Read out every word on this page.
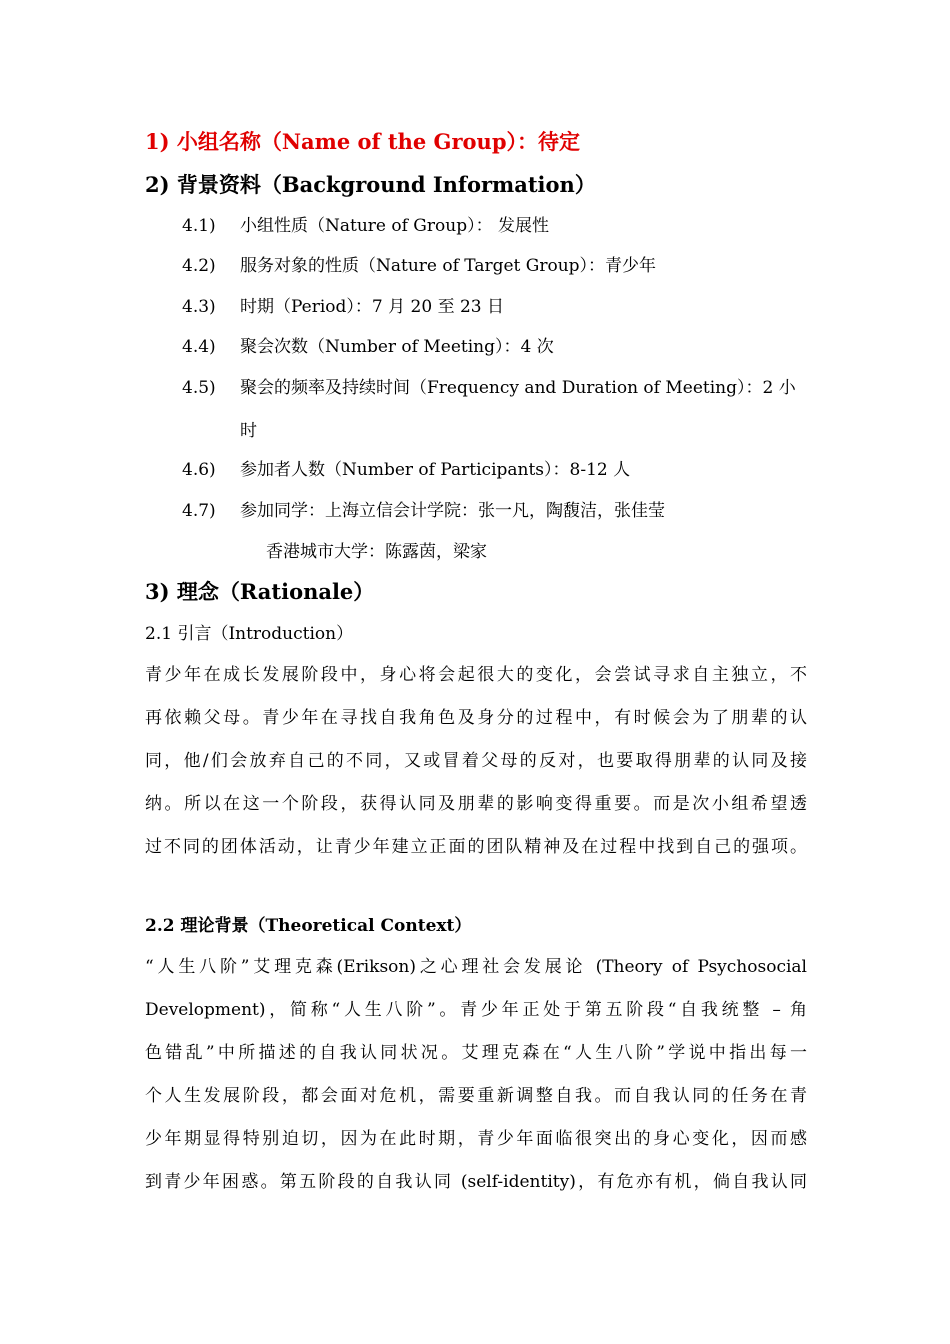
1) 小组名称（Name of the Group）：待定
2) 背景资料（Background Information）
4.1) 小组性质（Nature of Group）： 发展性
4.2) 服务对象的性质（Nature of Target Group）：青少年
4.3) 时期（Period）：7 月 20 至 23 日
4.4) 聚会次数（Number of Meeting）：4 次
4.5) 聚会的频率及持续时间（Frequency and Duration of Meeting）：2 小
时
4.6) 参加者人数（Number of Participants）：8-12 人
4.7) 参加同学：上海立信会计学院：张一凡，陶馥洁，张佳莹
香港城市大学：陈露茵，梁家
3) 理念（Rationale）
2.1 引言（Introduction）
青少年在成长发展阶段中，身心将会起很大的变化，会尝试寻求自主独立，不
再依赖父母。青少年在寻找自我角色及身分的过程中，有时候会为了朋辈的认
同，他/们会放弃自己的不同，又或冒着父母的反对，也要取得朋辈的认同及接
纳。所以在这一个阶段，获得认同及朋辈的影响变得重要。而是次小组希望透
过不同的团体活动，让青少年建立正面的团队精神及在过程中找到自己的强项。
2.2 理论背景（Theoretical Context）
“人生八阶”艾理克森(Erikson)之心理社会发展论 (Theory of Psychosocial
Development)，简称“人生八阶”。青少年正处于第五阶段“自我统整 – 角
色错乱”中所描述的自我认同状况。艾理克森在“人生八阶”学说中指出每一
个人生发展阶段，都会面对危机，需要重新调整自我。而自我认同的任务在青
少年期显得特别迫切，因为在此时期，青少年面临很突出的身心变化，因而感
到青少年困惑。第五阶段的自我认同 (self-identity)，有危亦有机，倘自我认同
